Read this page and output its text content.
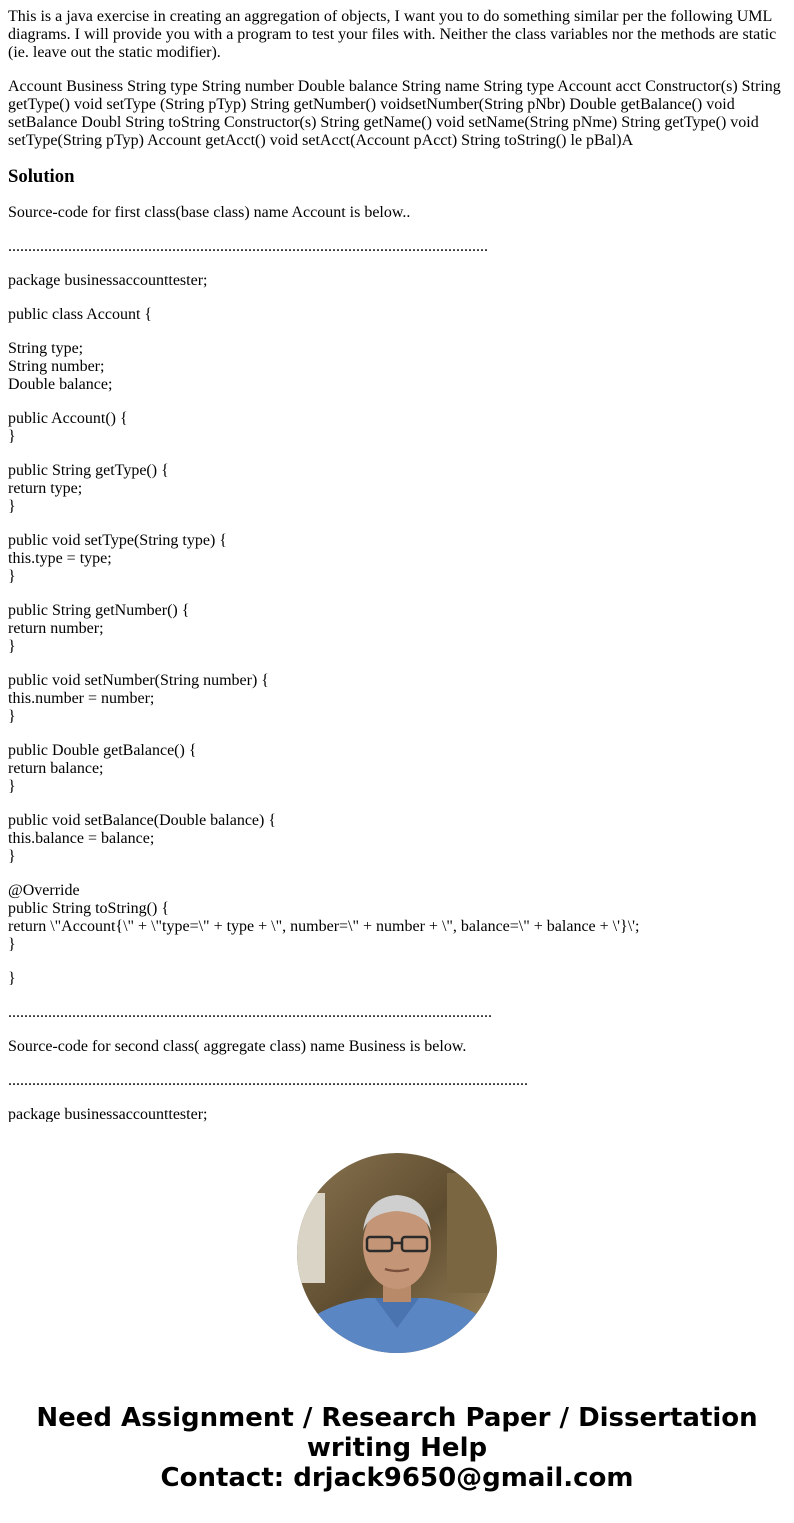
This is a java exercise in creating an aggregation of objects, I want you to do something similar per the following UML diagrams. I will provide you with a program to test your files with. Neither the class variables nor the methods are static (ie. leave out the static modifier).

Account Business String type String number Double balance String name String type Account acct Constructor(s) String getType() void setType (String pTyp) String getNumber() voidsetNumber(String pNbr) Double getBalance() void setBalance Doubl String toString Constructor(s) String getName() void setName(String pNme) String getType() void setType(String pTyp) Account getAcct() void setAcct(Account pAcct) String toString() le pBal)A

Solution

Source-code for first class(base class) name Account is below..

........................................................................................................................

package businessaccounttester;

public class Account {

String type;
String number;
Double balance;

public Account() {
}

public String getType() {
return type;
}

public void setType(String type) {
this.type = type;
}

public String getNumber() {
return number;
}

public void setNumber(String number) {
this.number = number;
}

public Double getBalance() {
return balance;
}

public void setBalance(Double balance) {
this.balance = balance;
}

@Override
public String toString() {
return \"Account{\" + \"type=\" + type + \", number=\" + number + \", balance=\" + balance + \'}\';
}

}

.........................................................................................................................

Source-code for second class( aggregate class) name Business is below.

..................................................................................................................................

package businessaccounttester;

Need Assignment / Research Paper / Dissertation
writing Help
Contact: drjack9650@gmail.com
